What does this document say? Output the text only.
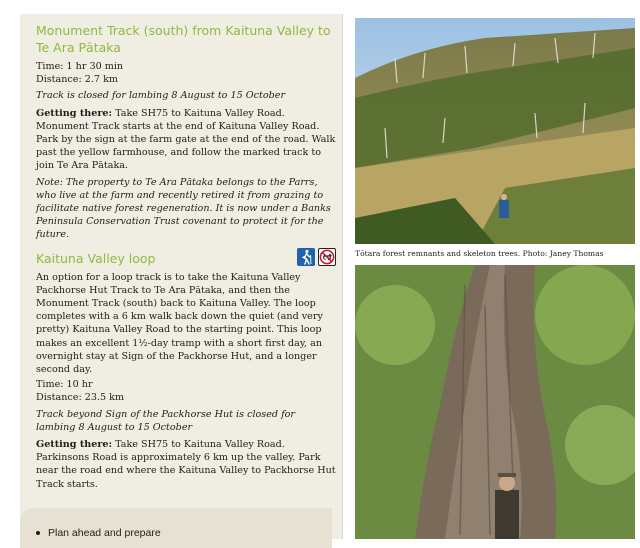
Monument Track (south) from Kaituna Valley to Te Ara Pātaka
Time: 1 hr 30 min
Distance: 2.7 km

Track is closed for lambing 8 August to 15 October

Getting there: Take SH75 to Kaituna Valley Road. Monument Track starts at the end of Kaituna Valley Road. Park by the sign at the farm gate at the end of the road. Walk past the yellow farmhouse, and follow the marked track to join Te Ara Pātaka.

Note: The property to Te Ara Pātaka belongs to the Parrs, who live at the farm and recently retired it from grazing to facilitate native forest regeneration. It is now under a Banks Peninsula Conservation Trust covenant to protect it for the future.

Kaituna Valley loop

An option for a loop track is to take the Kaituna Valley Packhorse Hut Track to Te Ara Pātaka, and then the Monument Track (south) back to Kaituna Valley. The loop completes with a 6 km walk back down the quiet (and very pretty) Kaituna Valley Road to the starting point. This loop makes an excellent 1½-day tramp with a short first day, an overnight stay at Sign of the Packhorse Hut, and a longer second day.

Time: 10 hr
Distance: 23.5 km

Track beyond Sign of the Packhorse Hut is closed for lambing 8 August to 15 October

Getting there: Take SH75 to Kaituna Valley Road. Parkinsons Road is approximately 6 km up the valley. Park near the road end where the Kaituna Valley to Packhorse Hut Track starts.

Plan ahead and prepare
Tōtara forest remnants and skeleton trees. Photo: Janey Thomas
